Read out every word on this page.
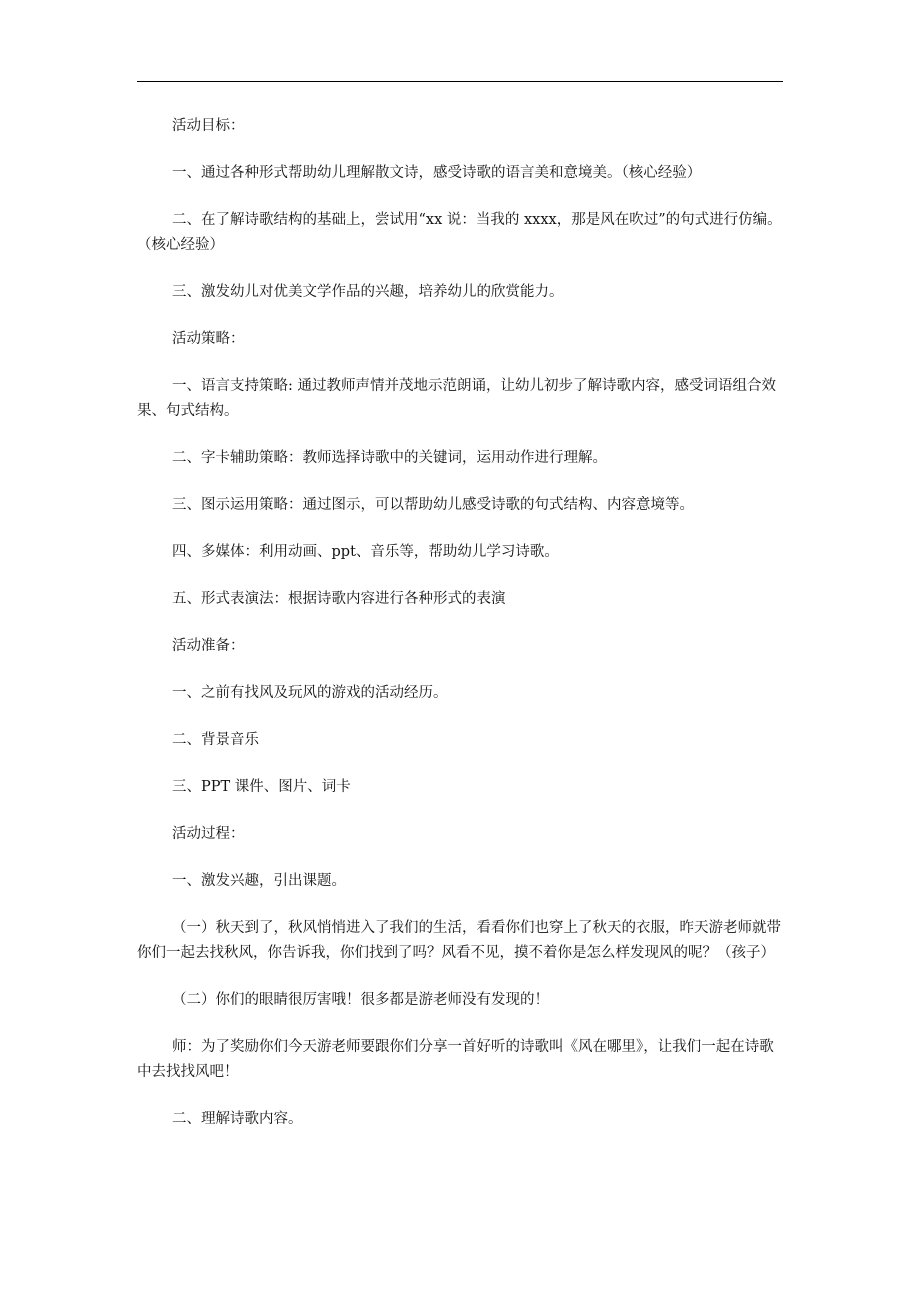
活动目标：

一、通过各种形式帮助幼儿理解散文诗，感受诗歌的语言美和意境美。（核心经验）

二、在了解诗歌结构的基础上，尝试用“xx 说：当我的 xxxx，那是风在吹过”的句式进行仿编。（核心经验）

三、激发幼儿对优美文学作品的兴趣，培养幼儿的欣赏能力。

活动策略：

一、语言支持策略: 通过教师声情并茂地示范朗诵，让幼儿初步了解诗歌内容，感受词语组合效果、句式结构。

二、字卡辅助策略：教师选择诗歌中的关键词，运用动作进行理解。

三、图示运用策略：通过图示，可以帮助幼儿感受诗歌的句式结构、内容意境等。

四、多媒体：利用动画、ppt、音乐等，帮助幼儿学习诗歌。

五、形式表演法：根据诗歌内容进行各种形式的表演

活动准备：

一、之前有找风及玩风的游戏的活动经历。

二、背景音乐

三、PPT 课件、图片、词卡

活动过程：

一、激发兴趣，引出课题。

（一）秋天到了，秋风悄悄进入了我们的生活，看看你们也穿上了秋天的衣服，昨天游老师就带你们一起去找秋风，你告诉我，你们找到了吗？风看不见，摸不着你是怎么样发现风的呢？（孩子）

（二）你们的眼睛很厉害哦！很多都是游老师没有发现的！

师：为了奖励你们今天游老师要跟你们分享一首好听的诗歌叫《风在哪里》，让我们一起在诗歌中去找找风吧！

二、理解诗歌内容。
